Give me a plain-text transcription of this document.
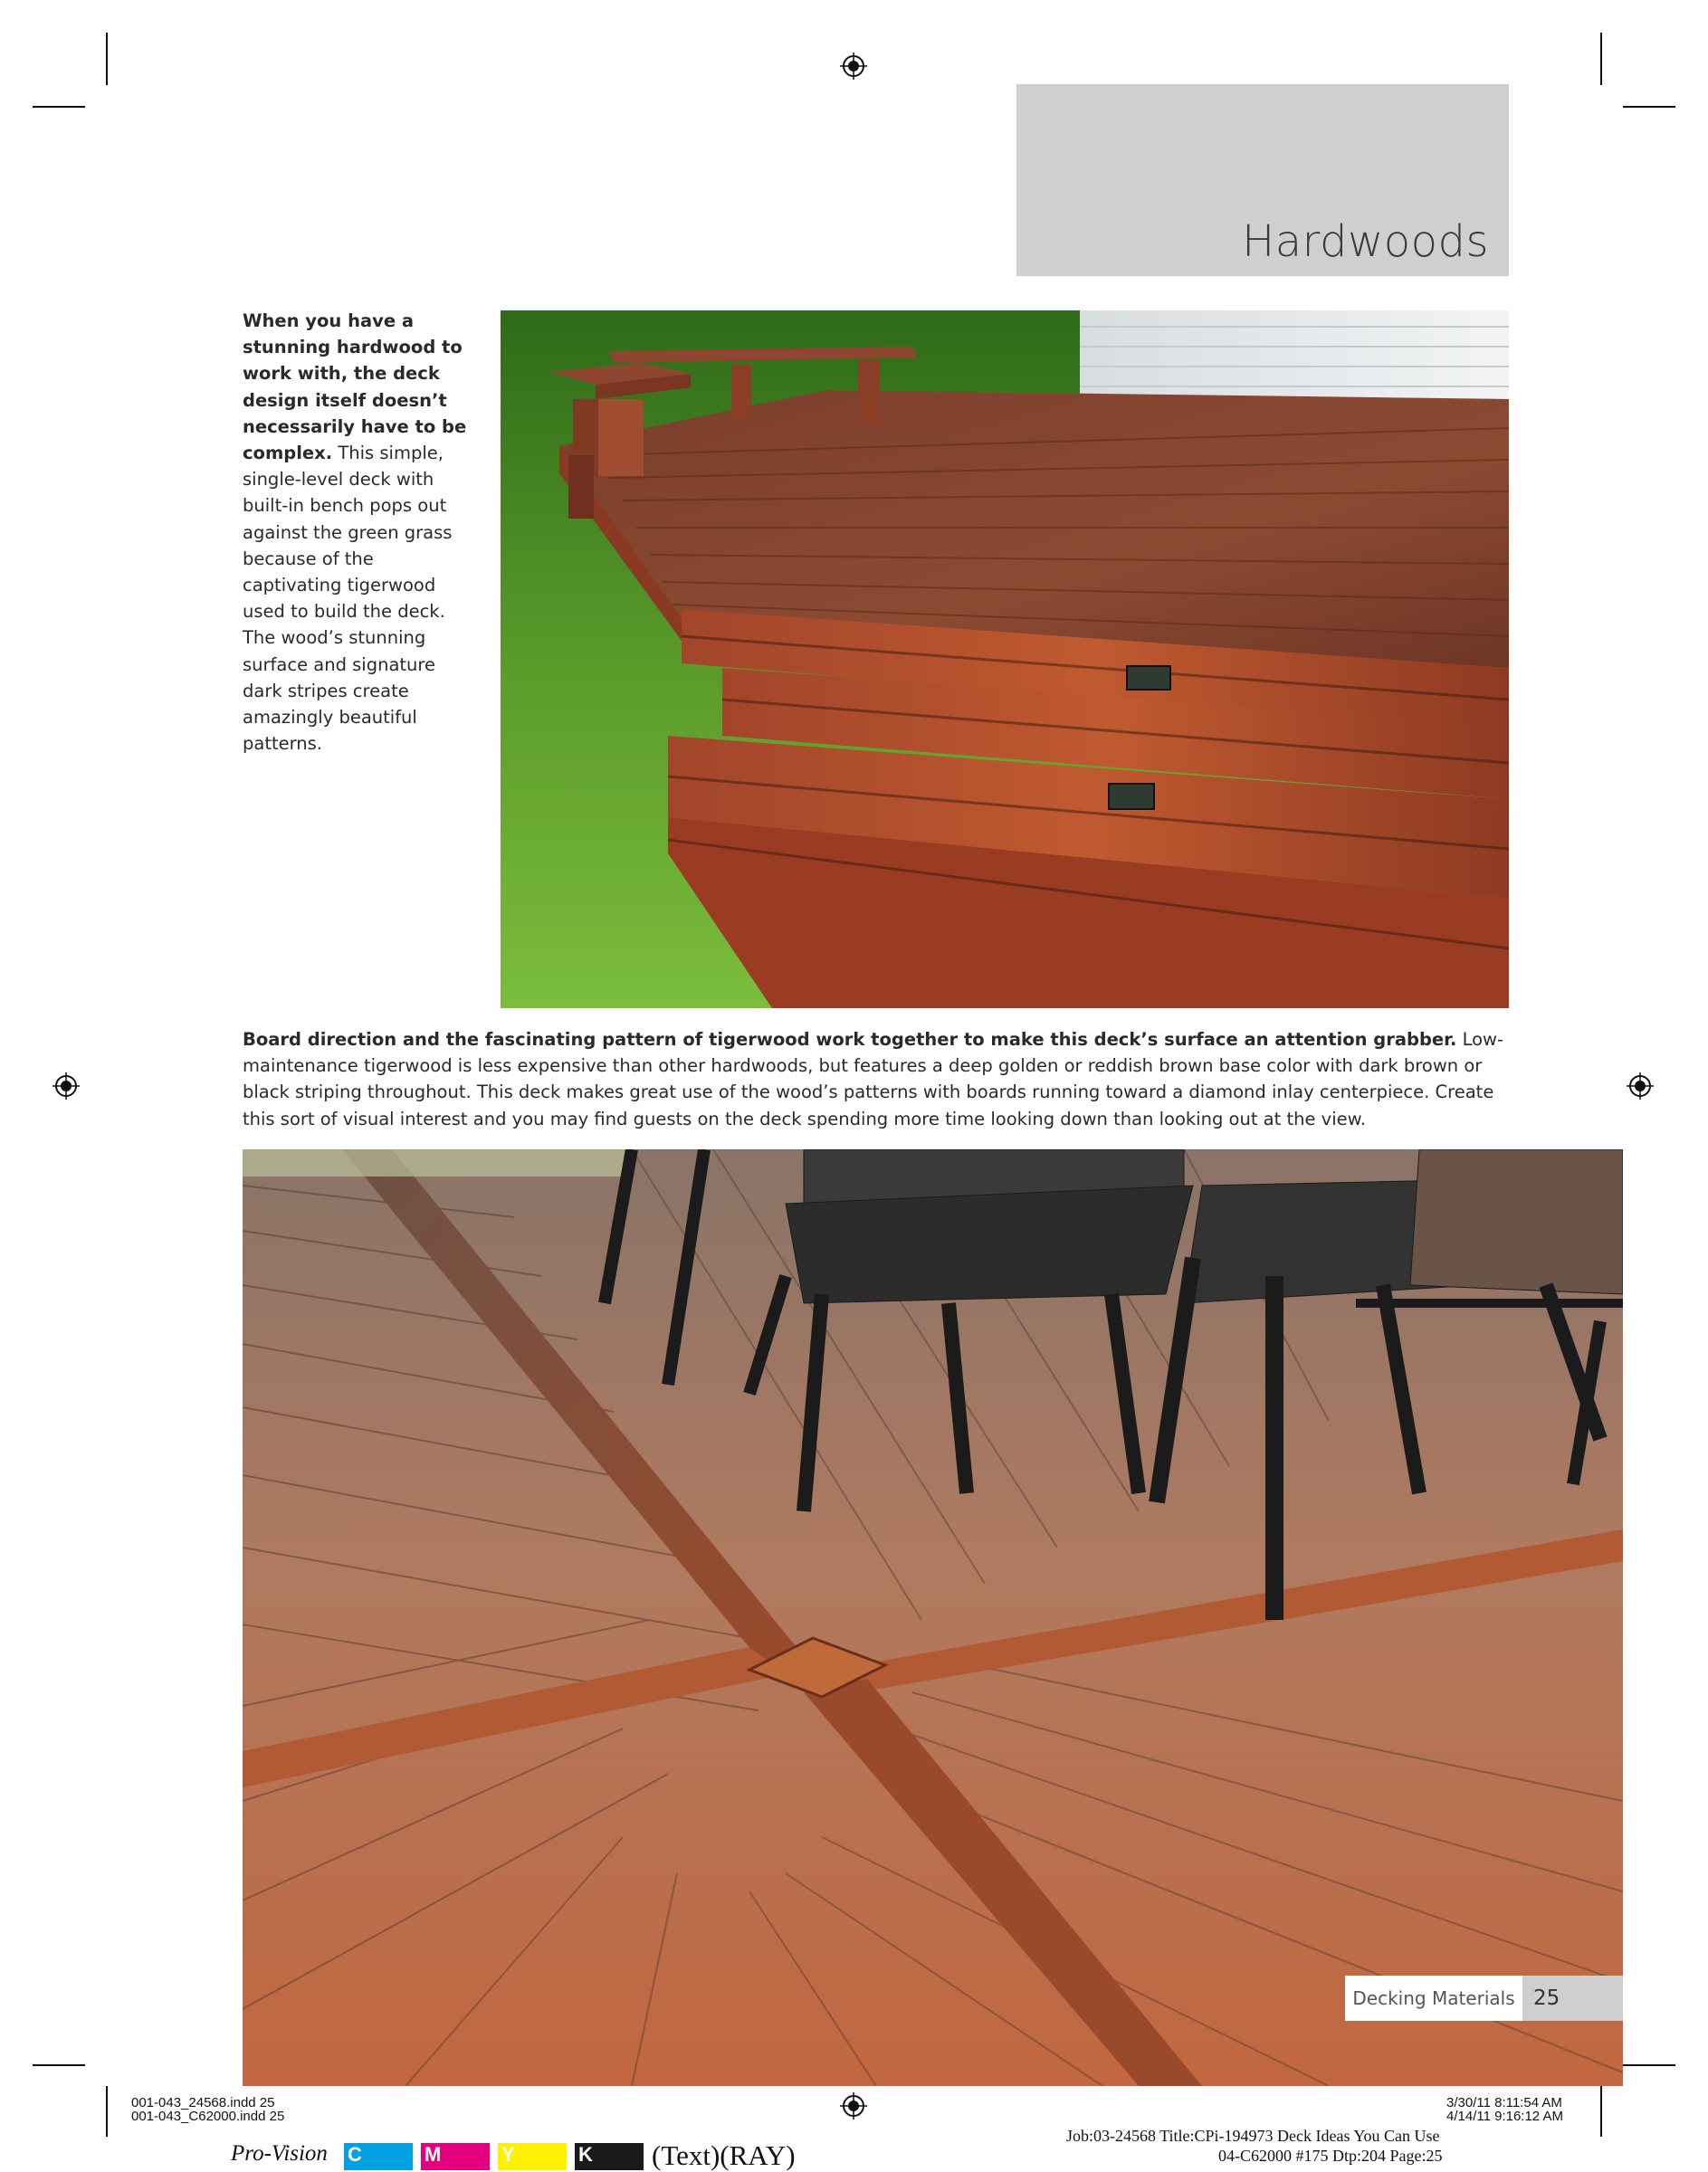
Hardwoods
When you have a stunning hardwood to work with, the deck design itself doesn’t necessarily have to be complex. This simple, single-level deck with built-in bench pops out against the green grass because of the captivating tigerwood used to build the deck. The wood’s stunning surface and signature dark stripes create amazingly beautiful patterns.
Board direction and the fascinating pattern of tigerwood work together to make this deck’s surface an attention grabber. Low-maintenance tigerwood is less expensive than other hardwoods, but features a deep golden or reddish brown base color with dark brown or black striping throughout. This deck makes great use of the wood’s patterns with boards running toward a diamond inlay centerpiece. Create this sort of visual interest and you may find guests on the deck spending more time looking down than looking out at the view.
Decking Materials 25
001-043_24568.indd 25
001-043_C62000.indd 25
3/30/11 8:11:54 AM
4/14/11 9:16:12 AM
Job:03-24568 Title:CPi-194973 Deck Ideas You Can Use
04-C62000 #175 Dtp:204 Page:25
Pro-Vision C	M	Y	K	(Text)(RAY)
